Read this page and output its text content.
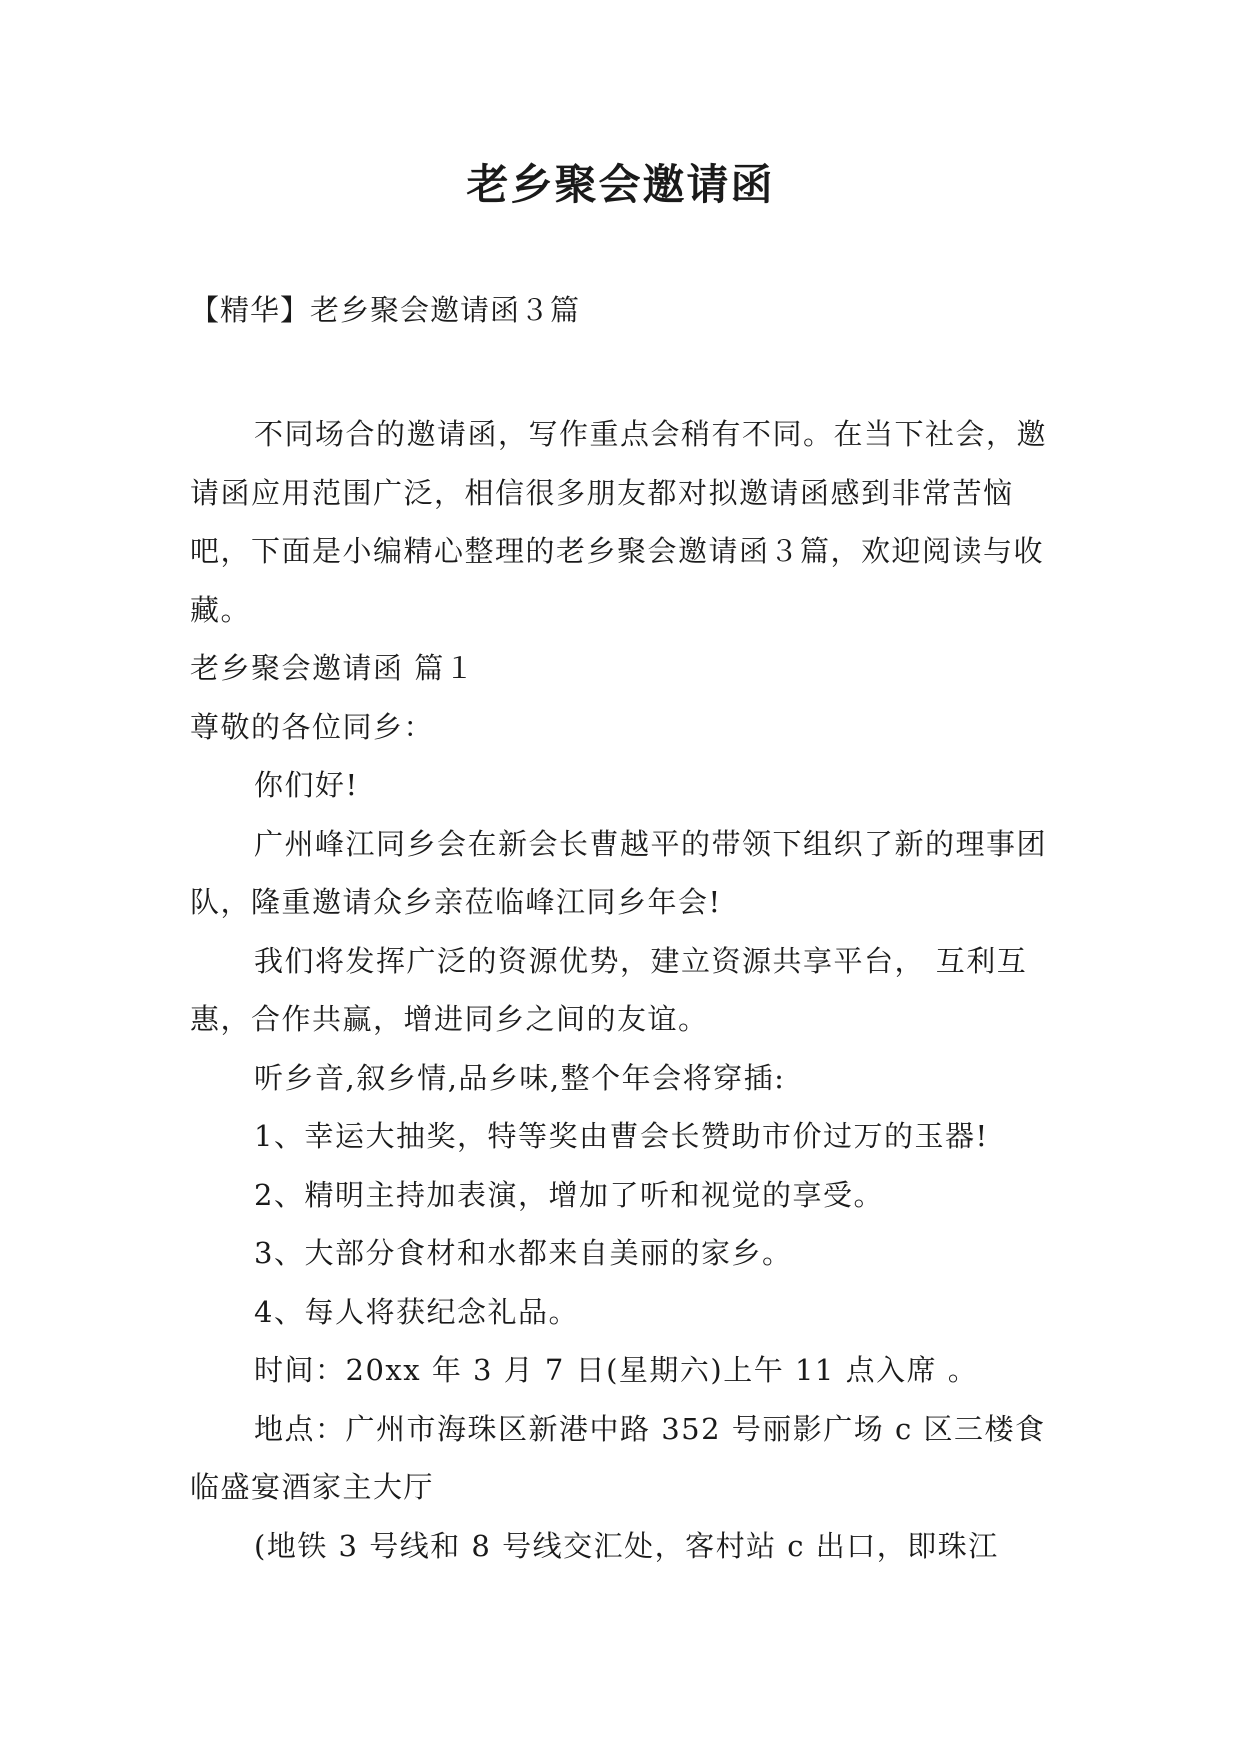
老乡聚会邀请函
【精华】老乡聚会邀请函３篇

不同场合的邀请函，写作重点会稍有不同。在当下社会，邀请函应用范围广泛，相信很多朋友都对拟邀请函感到非常苦恼吧，下面是小编精心整理的老乡聚会邀请函３篇，欢迎阅读与收藏。

老乡聚会邀请函 篇１

尊敬的各位同乡：

你们好!

广州峰江同乡会在新会长曹越平的带领下组织了新的理事团队，隆重邀请众乡亲莅临峰江同乡年会!

我们将发挥广泛的资源优势，建立资源共享平台， 互利互惠，合作共赢，增进同乡之间的友谊。

听乡音,叙乡情,品乡味,整个年会将穿插:

1、幸运大抽奖，特等奖由曹会长赞助市价过万的玉器!

2、精明主持加表演，增加了听和视觉的享受。

3、大部分食材和水都来自美丽的家乡。

4、每人将获纪念礼品。

时间：20xx 年 3 月 7 日(星期六)上午 11 点入席 。

地点：广州市海珠区新港中路 352 号丽影广场 c 区三楼食临盛宴酒家主大厅

(地铁 3 号线和 8 号线交汇处，客村站 c 出口，即珠江
